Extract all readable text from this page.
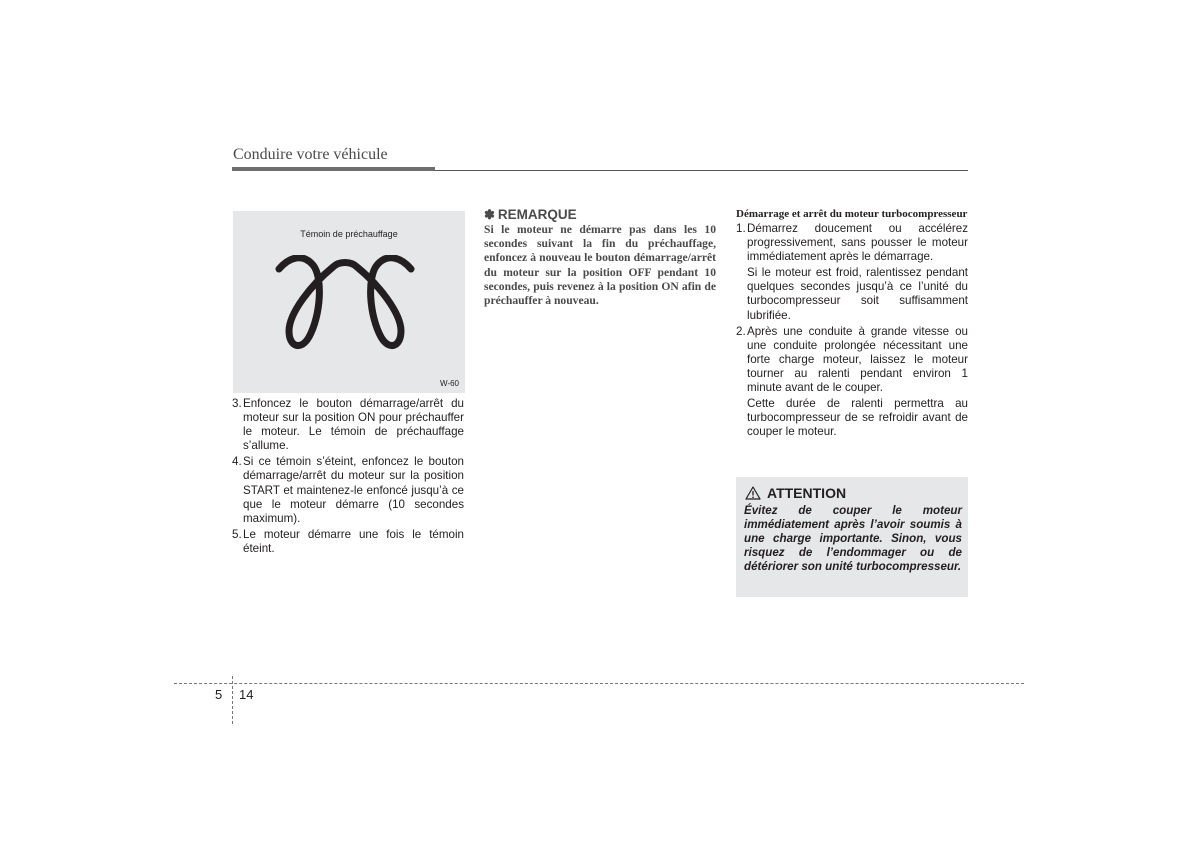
Conduire votre véhicule
Témoin de préchauffage
W-60
3. Enfoncez le bouton démarrage/arrêt du moteur sur la position ON pour préchauffer le moteur. Le témoin de préchauffage s’allume.

4. Si ce témoin s’éteint, enfoncez le bouton démarrage/arrêt du moteur sur la position START et maintenez-le enfoncé jusqu’à ce que le moteur démarre (10 secondes maximum).

5. Le moteur démarre une fois le témoin éteint.

✽ REMARQUE
Si le moteur ne démarre pas dans les 10 secondes suivant la fin du préchauffage, enfoncez à nouveau le bouton démarrage/arrêt du moteur sur la position OFF pendant 10 secondes, puis revenez à la position ON afin de préchauffer à nouveau.
Démarrage et arrêt du moteur turbocompresseur
1. Démarrez doucement ou accélérez progressivement, sans pousser le moteur immédiatement après le démarrage.

Si le moteur est froid, ralentissez pendant quelques secondes jusqu’à ce l’unité du turbocompresseur soit suffisamment lubrifiée.

2. Après une conduite à grande vitesse ou une conduite prolongée nécessitant une forte charge moteur, laissez le moteur tourner au ralenti pendant environ 1 minute avant de le couper.

Cette durée de ralenti permettra au turbocompresseur de se refroidir avant de couper le moteur.

ATTENTION
Évitez de couper le moteur immédiatement après l’avoir soumis à une charge importante. Sinon, vous risquez de l’endommager ou de détériorer son unité turbocompresseur.
5 14
